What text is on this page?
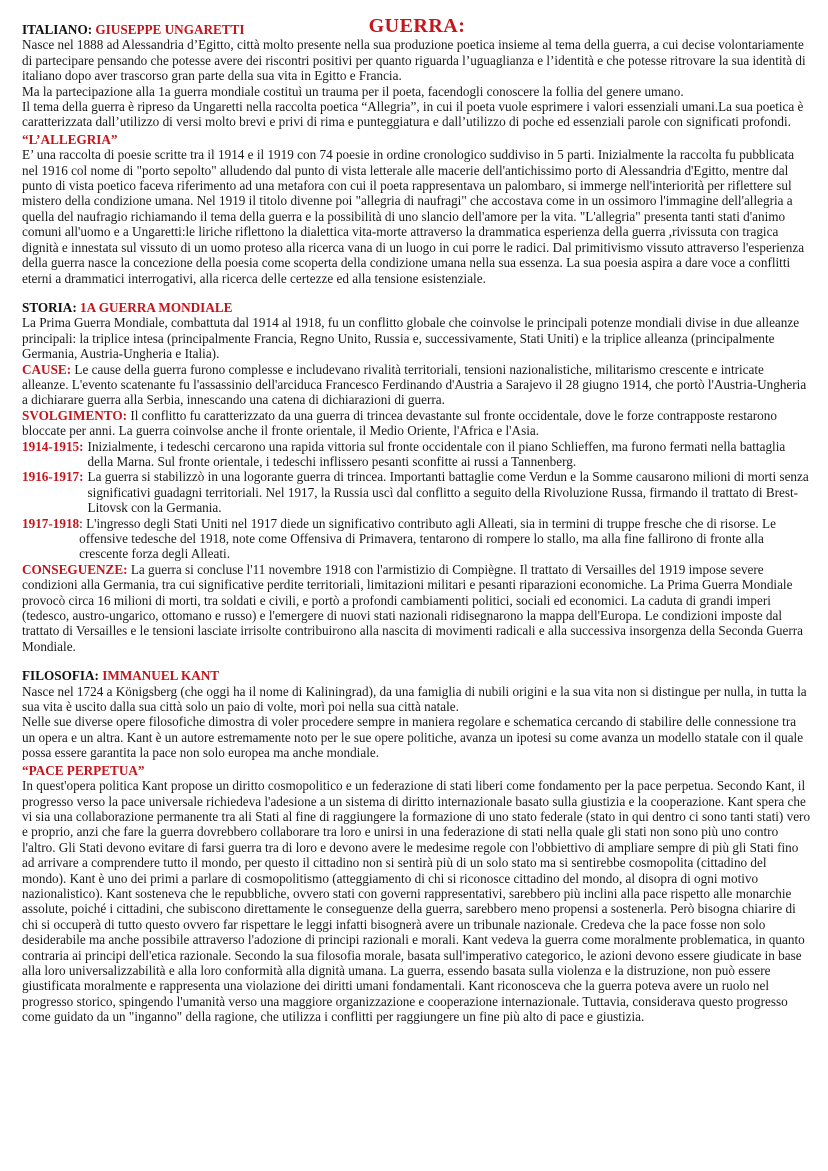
GUERRA:
ITALIANO: GIUSEPPE UNGARETTI

Nasce nel 1888 ad Alessandria d’Egitto, città molto presente nella sua produzione poetica insieme al tema della guerra, a cui decise volontariamente di partecipare pensando che potesse avere dei riscontri positivi per quanto riguarda l’uguaglianza e l’identità e che potesse ritrovare la sua identità di italiano dopo aver trascorso gran parte della sua vita in Egitto e Francia.

Ma la partecipazione alla 1a guerra mondiale costituì un trauma per il poeta, facendogli conoscere la follia del genere umano.

Il tema della guerra è ripreso da Ungaretti nella raccolta poetica “Allegria”, in cui il poeta vuole esprimere i valori essenziali umani.La sua poetica è caratterizzata dall’utilizzo di versi molto brevi e privi di rima e punteggiatura e dall’utilizzo di poche ed essenziali parole con significati profondi.

“L’ALLEGRIA”

E’ una raccolta di poesie scritte tra il 1914 e il 1919 con 74 poesie in ordine cronologico suddiviso in 5 parti. Inizialmente la raccolta fu pubblicata nel 1916 col nome di "porto sepolto" alludendo dal punto di vista letterale alle macerie dell'antichissimo porto di Alessandria d'Egitto, mentre dal punto di vista poetico faceva riferimento ad una metafora con cui il poeta rappresentava un palombaro, si immerge nell'interiorità per riflettere sul mistero della condizione umana. Nel 1919 il titolo divenne poi "allegria di naufragi" che accostava come in un ossimoro l'immagine dell'allegria a quella del naufragio richiamando il tema della guerra e la possibilità di uno slancio dell'amore per la vita. "L'allegria" presenta tanti stati d'animo comuni all'uomo e a Ungaretti:le liriche riflettono la dialettica vita-morte attraverso la drammatica esperienza della guerra ,rivissuta con tragica dignità e innestata sul vissuto di un uomo proteso alla ricerca vana di un luogo in cui porre le radici. Dal primitivismo vissuto attraverso l'esperienza della guerra nasce la concezione della poesia come scoperta della condizione umana nella sua essenza. La sua poesia aspira a dare voce a conflitti eterni a drammatici interrogativi, alla ricerca delle certezze ed alla tensione esistenziale.

STORIA: 1A GUERRA MONDIALE

La Prima Guerra Mondiale, combattuta dal 1914 al 1918, fu un conflitto globale che coinvolse le principali potenze mondiali divise in due alleanze principali: la triplice intesa (principalmente Francia, Regno Unito, Russia e, successivamente, Stati Uniti) e la triplice alleanza (principalmente Germania, Austria-Ungheria e Italia).

CAUSE: Le cause della guerra furono complesse e includevano rivalità territoriali, tensioni nazionalistiche, militarismo crescente e intricate alleanze. L'evento scatenante fu l'assassinio dell'arciduca Francesco Ferdinando d'Austria a Sarajevo il 28 giugno 1914, che portò l'Austria-Ungheria a dichiarare guerra alla Serbia, innescando una catena di dichiarazioni di guerra.

SVOLGIMENTO: Il conflitto fu caratterizzato da una guerra di trincea devastante sul fronte occidentale, dove le forze contrapposte restarono bloccate per anni. La guerra coinvolse anche il fronte orientale, il Medio Oriente, l'Africa e l'Asia.

1914-1915: Inizialmente, i tedeschi cercarono una rapida vittoria sul fronte occidentale con il piano Schlieffen, ma furono fermati nella battaglia della Marna. Sul fronte orientale, i tedeschi inflissero pesanti sconfitte ai russi a Tannenberg.
1916-1917: La guerra si stabilizzò in una logorante guerra di trincea. Importanti battaglie come Verdun e la Somme causarono milioni di morti senza significativi guadagni territoriali. Nel 1917, la Russia uscì dal conflitto a seguito della Rivoluzione Russa, firmando il trattato di Brest-Litovsk con la Germania.
1917-1918 : L'ingresso degli Stati Uniti nel 1917 diede un significativo contributo agli Alleati, sia in termini di truppe fresche che di risorse. Le offensive tedesche del 1918, note come Offensiva di Primavera, tentarono di rompere lo stallo, ma alla fine fallirono di fronte alla crescente forza degli Alleati.

CONSEGUENZE: La guerra si concluse l'11 novembre 1918 con l'armistizio di Compiègne. Il trattato di Versailles del 1919 impose severe condizioni alla Germania, tra cui significative perdite territoriali, limitazioni militari e pesanti riparazioni economiche. La Prima Guerra Mondiale provocò circa 16 milioni di morti, tra soldati e civili, e portò a profondi cambiamenti politici, sociali ed economici. La caduta di grandi imperi (tedesco, austro-ungarico, ottomano e russo) e l'emergere di nuovi stati nazionali ridisegnarono la mappa dell'Europa. Le condizioni imposte dal trattato di Versailles e le tensioni lasciate irrisolte contribuirono alla nascita di movimenti radicali e alla successiva insorgenza della Seconda Guerra Mondiale.

FILOSOFIA: IMMANUEL KANT

Nasce nel 1724 a Königsberg (che oggi ha il nome di Kaliningrad), da una famiglia di nubili origini e la sua vita non si distingue per nulla, in tutta la sua vita è uscito dalla sua città solo un paio di volte, morì poi nella sua città natale.

Nelle sue diverse opere filosofiche dimostra di voler procedere sempre in maniera regolare e schematica cercando di stabilire delle connessione tra un opera e un altra. Kant è un autore estremamente noto per le sue opere politiche, avanza un ipotesi su come avanza un modello statale con il quale possa essere garantita la pace non solo europea ma anche mondiale.

“PACE PERPETUA”

In quest'opera politica Kant propose un diritto cosmopolitico e un federazione di stati liberi come fondamento per la pace perpetua. Secondo Kant, il progresso verso la pace universale richiedeva l'adesione a un sistema di diritto internazionale basato sulla giustizia e la cooperazione. Kant spera che vi sia una collaborazione permanente tra ali Stati al fine di raggiungere la formazione di uno stato federale (stato in qui dentro ci sono tanti stati) vero e proprio, anzi che fare la guerra dovrebbero collaborare tra loro e unirsi in una federazione di stati nella quale gli stati non sono più uno contro l'altro. Gli Stati devono evitare di farsi guerra tra di loro e devono avere le medesime regole con l'obbiettivo di ampliare sempre di più gli Stati fino ad arrivare a comprendere tutto il mondo, per questo il cittadino non si sentirà più di un solo stato ma si sentirebbe cosmopolita (cittadino del mondo). Kant è uno dei primi a parlare di cosmopolitismo (atteggiamento di chi si riconosce cittadino del mondo, al disopra di ogni motivo nazionalistico). Kant sosteneva che le repubbliche, ovvero stati con governi rappresentativi, sarebbero più inclini alla pace rispetto alle monarchie assolute, poiché i cittadini, che subiscono direttamente le conseguenze della guerra, sarebbero meno propensi a sostenerla. Però bisogna chiarire di chi si occuperà di tutto questo ovvero far rispettare le leggi infatti bisognerà avere un tribunale nazionale. Credeva che la pace fosse non solo desiderabile ma anche possibile attraverso l'adozione di principi razionali e morali. Kant vedeva la guerra come moralmente problematica, in quanto contraria ai principi dell'etica razionale. Secondo la sua filosofia morale, basata sull'imperativo categorico, le azioni devono essere giudicate in base alla loro universalizzabilità e alla loro conformità alla dignità umana. La guerra, essendo basata sulla violenza e la distruzione, non può essere giustificata moralmente e rappresenta una violazione dei diritti umani fondamentali. Kant riconosceva che la guerra poteva avere un ruolo nel progresso storico, spingendo l'umanità verso una maggiore organizzazione e cooperazione internazionale. Tuttavia, considerava questo progresso come guidato da un "inganno" della ragione, che utilizza i conflitti per raggiungere un fine più alto di pace e giustizia.
